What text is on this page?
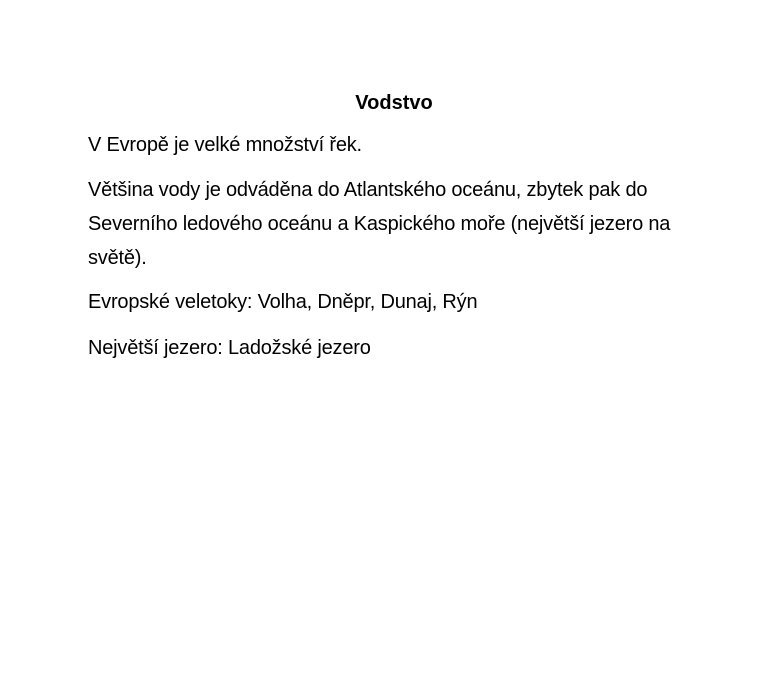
Vodstvo

V Evropě je velké množství řek.

Většina vody je odváděna do Atlantského oceánu, zbytek pak do Severního ledového oceánu a Kaspického moře (největší jezero na světě).

Evropské veletoky: Volha, Dněpr, Dunaj, Rýn

Největší jezero: Ladožské jezero
